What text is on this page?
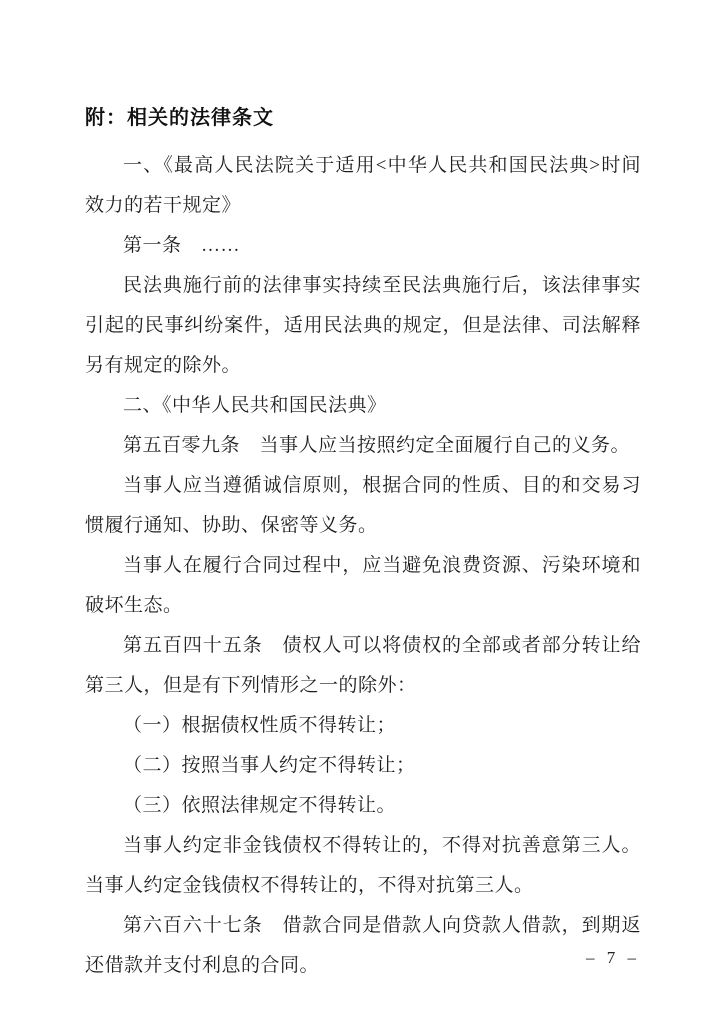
附：相关的法律条文

一、《最高人民法院关于适用<中华人民共和国民法典>时间效力的若干规定》

第一条　……

民法典施行前的法律事实持续至民法典施行后，该法律事实引起的民事纠纷案件，适用民法典的规定，但是法律、司法解释另有规定的除外。

二、《中华人民共和国民法典》

第五百零九条　当事人应当按照约定全面履行自己的义务。

当事人应当遵循诚信原则，根据合同的性质、目的和交易习惯履行通知、协助、保密等义务。

当事人在履行合同过程中，应当避免浪费资源、污染环境和破坏生态。

第五百四十五条　债权人可以将债权的全部或者部分转让给第三人，但是有下列情形之一的除外：

（一）根据债权性质不得转让；

（二）按照当事人约定不得转让；

（三）依照法律规定不得转让。

当事人约定非金钱债权不得转让的，不得对抗善意第三人。当事人约定金钱债权不得转让的，不得对抗第三人。

第六百六十七条　借款合同是借款人向贷款人借款，到期返还借款并支付利息的合同。	– 7 –
